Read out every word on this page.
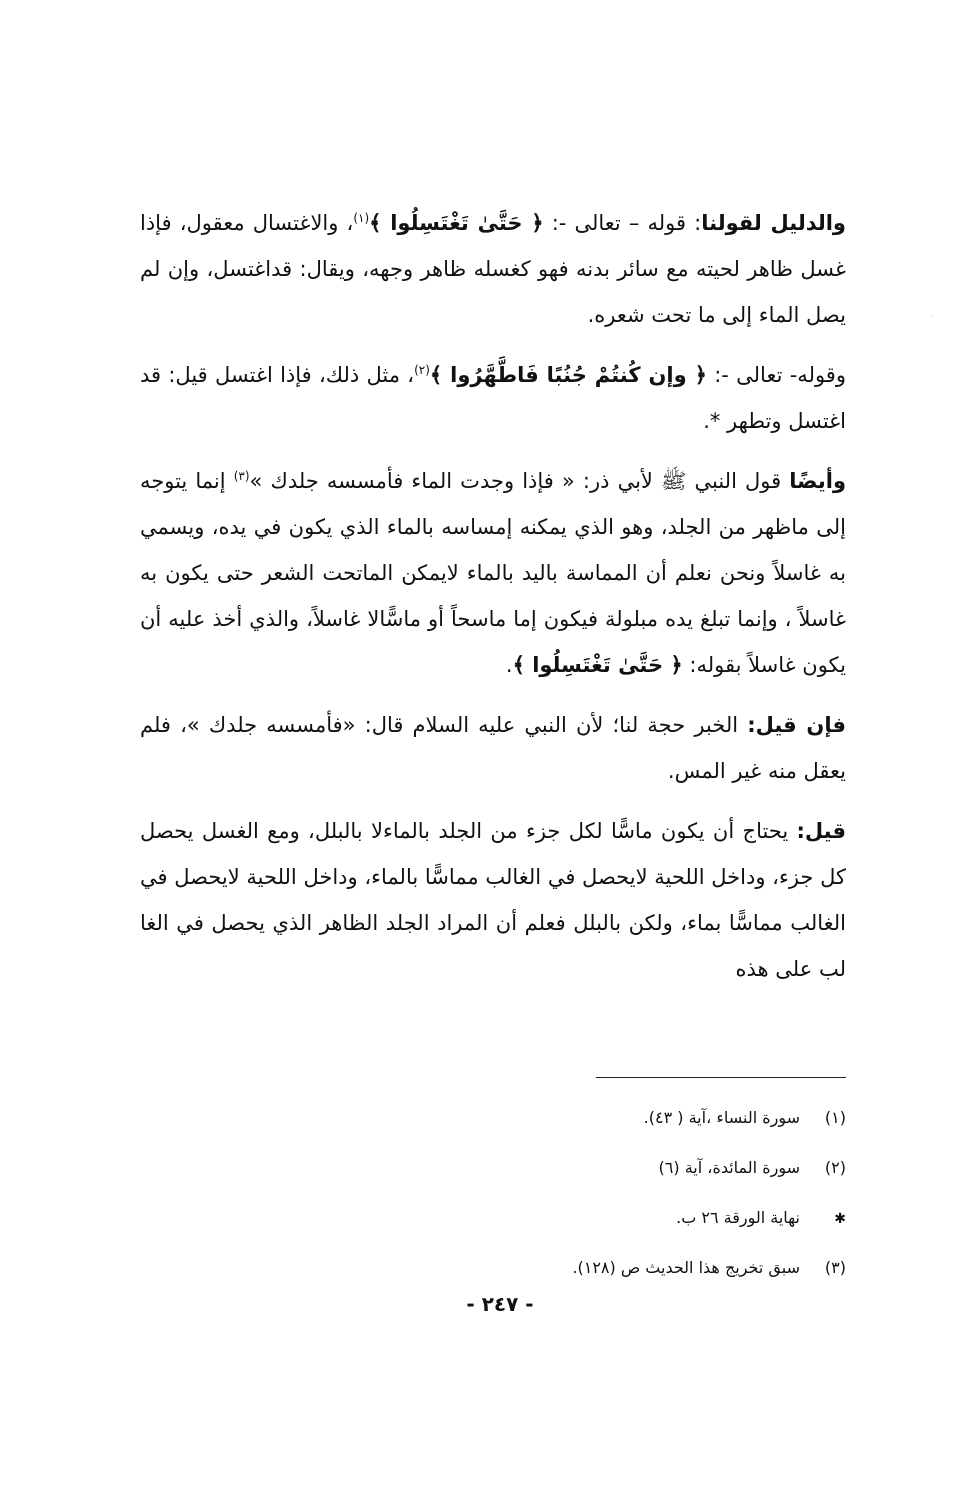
·

والدليل لقولنا: قوله – تعالى -: ﴿ حَتَّىٰ تَغْتَسِلُوا ﴾$^{(١)}$، والاغتسال معقول، فإذا غسل ظاهر لحيته مع سائر بدنه فهو كغسله ظاهر وجهه، ويقال: قداغتسل، وإن لم يصل الماء إلى ما تحت شعره.

وقوله- تعالى -: ﴿ وإن كُنتُمْ جُنُبًا فَاطَّهَّرُوا ﴾$^{(٢)}$، مثل ذلك، فإذا اغتسل قيل: قد اغتسل وتطهر *.

وأيضًا قول النبي ﷺ لأبي ذر: « فإذا وجدت الماء فأمسسه جلدك »$^{(٣)}$ إنما يتوجه إلى ماظهر من الجلد، وهو الذي يمكنه إمساسه بالماء الذي يكون في يده، ويسمي به غاسلاً ونحن نعلم أن المماسة باليد بالماء لايمكن الماتحت الشعر حتى يكون به غاسلاً ، وإنما تبلغ يده مبلولة فيكون إما ماسحاً أو ماسًّالا غاسلاً، والذي أخذ عليه أن يكون غاسلاً بقوله: ﴿ حَتَّىٰ تَغْتَسِلُوا ﴾.

فإن قيل: الخبر حجة لنا؛ لأن النبي عليه السلام قال: «فأمسسه جلدك »، فلم يعقل منه غير المس.

قيل: يحتاج أن يكون ماسًّا لكل جزء من الجلد بالماءلا بالبلل، ومع الغسل يحصل كل جزء، وداخل اللحية لايحصل في الغالب مماسًّا بالماء، وداخل اللحية لايحصل في الغالب مماسًّا بماء، ولكن بالبلل فعلم أن المراد الجلد الظاهر الذي يحصل في الغا لب على هذه

(١)
سورة النساء ،آية ( ٤٣).
(٢)
سورة المائدة، آية (٦)
✱
نهاية الورقة ٢٦ ب.
(٣)
سبق تخريج هذا الحديث ص (١٢٨).
- ٢٤٧ -
